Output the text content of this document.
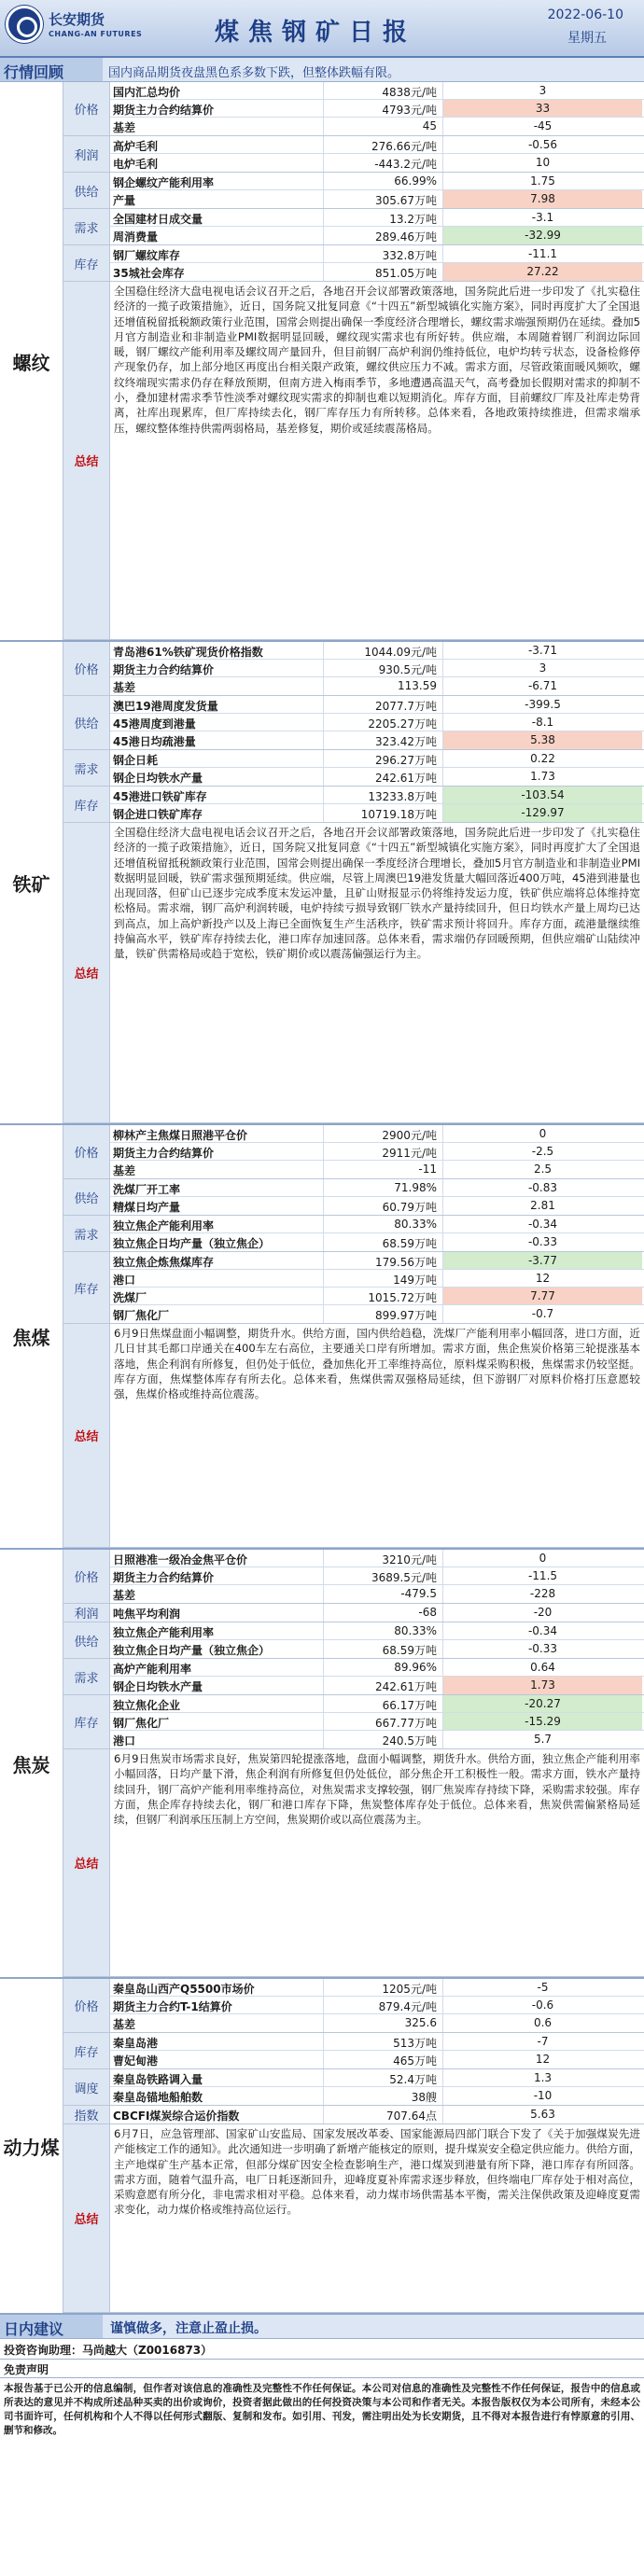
长安期货
CHANG-AN FUTURES	煤焦钢矿日报
2022-06-10
星期五
行情回顾	国内商品期货夜盘黑色系多数下跌，但整体跌幅有限。
螺纹
价格
国内汇总均价	4838元/吨	3
期货主力合约结算价	4793元/吨	33
基差	45	-45
利润
高炉毛利	276.66元/吨	-0.56
电炉毛利	-443.2元/吨	10
供给
钢企螺纹产能利用率	66.99%	1.75
产量	305.67万吨	7.98
需求
全国建材日成交量	13.2万吨	-3.1
周消费量	289.46万吨	-32.99
库存
钢厂螺纹库存	332.8万吨	-11.1
35城社会库存	851.05万吨	27.22
总结
全国稳住经济大盘电视电话会议召开之后，各地召开会议部署政策落地，国务院此后进一步印发了《扎实稳住经济的一揽子政策措施》，近日，国务院又批复同意《“十四五”新型城镇化实施方案》，同时再度扩大了全国退还增值税留抵税额政策行业范围，国常会则提出确保一季度经济合理增长，螺纹需求端强预期仍在延续。叠加5月官方制造业和非制造业PMI数据明显回暖，螺纹现实需求也有所好转。供应端，本周随着钢厂利润边际回暖，钢厂螺纹产能利用率及螺纹周产量回升，但目前钢厂高炉利润仍维持低位，电炉均转亏状态，设备检修停产现象仍存，加上部分地区再度出台相关限产政策，螺纹供应压力不减。需求方面，尽管政策面暖风频吹，螺纹终端现实需求仍存在释放预期，但南方进入梅雨季节，多地遭遇高温天气，高考叠加长假期对需求的抑制不小，叠加建材需求季节性淡季对螺纹现实需求的抑制也难以短期消化。库存方面，目前螺纹厂库及社库走势背离，社库出现累库，但厂库持续去化，钢厂库存压力有所转移。总体来看，各地政策持续推进，但需求端承压，螺纹整体维持供需两弱格局，基差修复，期价或延续震荡格局。
铁矿
价格
青岛港61%铁矿现货价格指数	1044.09元/吨	-3.71
期货主力合约结算价	930.5元/吨	3
基差	113.59	-6.71
供给
澳巴19港周度发货量	2077.7万吨	-399.5
45港周度到港量	2205.27万吨	-8.1
45港日均疏港量	323.42万吨	5.38
需求
钢企日耗	296.27万吨	0.22
钢企日均铁水产量	242.61万吨	1.73
库存
45港进口铁矿库存	13233.8万吨	-103.54
钢企进口铁矿库存	10719.18万吨	-129.97
总结
全国稳住经济大盘电视电话会议召开之后，各地召开会议部署政策落地，国务院此后进一步印发了《扎实稳住经济的一揽子政策措施》，近日，国务院又批复同意《“十四五”新型城镇化实施方案》，同时再度扩大了全国退还增值税留抵税额政策行业范围，国常会则提出确保一季度经济合理增长，叠加5月官方制造业和非制造业PMI数据明显回暖，铁矿需求强预期延续。供应端，尽管上周澳巴19港发货量大幅回落近400万吨，45港到港量也出现回落，但矿山已逐步完成季度末发运冲量，且矿山财报显示仍将维持发运力度，铁矿供应端将总体维持宽松格局。需求端，钢厂高炉利润转暖，电炉持续亏损导致钢厂铁水产量持续回升，但日均铁水产量上周均已达到高点，加上高炉新投产以及上海已全面恢复生产生活秩序，铁矿需求预计将回升。库存方面，疏港量继续维持偏高水平，铁矿库存持续去化，港口库存加速回落。总体来看，需求端仍存回暖预期，但供应端矿山陆续冲量，铁矿供需格局或趋于宽松，铁矿期价或以震荡偏强运行为主。
焦煤
价格
柳林产主焦煤日照港平仓价	2900元/吨	0
期货主力合约结算价	2911元/吨	-2.5
基差	-11	2.5
供给
洗煤厂开工率	71.98%	-0.83
精煤日均产量	60.79万吨	2.81
需求
独立焦企产能利用率	80.33%	-0.34
独立焦企日均产量（独立焦企）	68.59万吨	-0.33
库存
独立焦企炼焦煤库存	179.56万吨	-3.77
港口	149万吨	12
洗煤厂	1015.72万吨	7.77
钢厂焦化厂	899.97万吨	-0.7
总结
6月9日焦煤盘面小幅调整，期货升水。供给方面，国内供给趋稳，洗煤厂产能利用率小幅回落，进口方面，近几日甘其毛都口岸通关在400车左右高位，主要通关口岸有所增加。需求方面，焦企焦炭价格第三轮提涨基本落地，焦企利润有所修复，但仍处于低位，叠加焦化开工率维持高位，原料煤采购积极，焦煤需求仍较坚挺。库存方面，焦煤整体库存有所去化。总体来看，焦煤供需双强格局延续，但下游钢厂对原料价格打压意愿较强，焦煤价格或维持高位震荡。
焦炭
价格
日照港准一级冶金焦平仓价	3210元/吨	0
期货主力合约结算价	3689.5元/吨	-11.5
基差	-479.5	-228
利润	吨焦平均利润	-68	-20
供给
独立焦企产能利用率	80.33%	-0.34
独立焦企日均产量（独立焦企）	68.59万吨	-0.33
需求
高炉产能利用率	89.96%	0.64
钢企日均铁水产量	242.61万吨	1.73
库存
独立焦化企业	66.17万吨	-20.27
钢厂焦化厂	667.77万吨	-15.29
港口	240.5万吨	5.7
总结
6月9日焦炭市场需求良好，焦炭第四轮提涨落地，盘面小幅调整，期货升水。供给方面，独立焦企产能利用率小幅回落，日均产量下滑，焦企利润有所修复但仍处低位，部分焦企开工积极性一般。需求方面，铁水产量持续回升，钢厂高炉产能利用率维持高位，对焦炭需求支撑较强，钢厂焦炭库存持续下降，采购需求较强。库存方面，焦企库存持续去化，钢厂和港口库存下降，焦炭整体库存处于低位。总体来看，焦炭供需偏紧格局延续，但钢厂利润承压压制上方空间，焦炭期价或以高位震荡为主。
动力煤
价格
秦皇岛山西产Q5500市场价	1205元/吨	-5
期货主力合约T-1结算价	879.4元/吨	-0.6
基差	325.6	0.6
库存
秦皇岛港	513万吨	-7
曹妃甸港	465万吨	12
调度
秦皇岛铁路调入量	52.4万吨	1.3
秦皇岛锚地船舶数	38艘	-10
指数	CBCFI煤炭综合运价指数	707.64点	5.63
总结
6月7日，应急管理部、国家矿山安监局、国家发展改革委、国家能源局四部门联合下发了《关于加强煤炭先进产能核定工作的通知》。此次通知进一步明确了新增产能核定的原则，提升煤炭安全稳定供应能力。供给方面，主产地煤矿生产基本正常，但部分煤矿因安全检查影响生产，港口煤炭到港量有所下降，港口库存有所回落。需求方面，随着气温升高，电厂日耗逐渐回升，迎峰度夏补库需求逐步释放，但终端电厂库存处于相对高位，采购意愿有所分化，非电需求相对平稳。总体来看，动力煤市场供需基本平衡，需关注保供政策及迎峰度夏需求变化，动力煤价格或维持高位运行。
日内建议	谨慎做多，注意止盈止损。
投资咨询助理：马尚越大（Z0016873）
免责声明
本报告基于已公开的信息编制，但作者对该信息的准确性及完整性不作任何保证。本公司对信息的准确性及完整性不作任何保证，报告中的信息或所表达的意见并不构成所述品种买卖的出价或询价，投资者据此做出的任何投资决策与本公司和作者无关。本报告版权仅为本公司所有，未经本公司书面许可，任何机构和个人不得以任何形式翻版、复制和发布。如引用、刊发，需注明出处为长安期货，且不得对本报告进行有悖原意的引用、删节和修改。
